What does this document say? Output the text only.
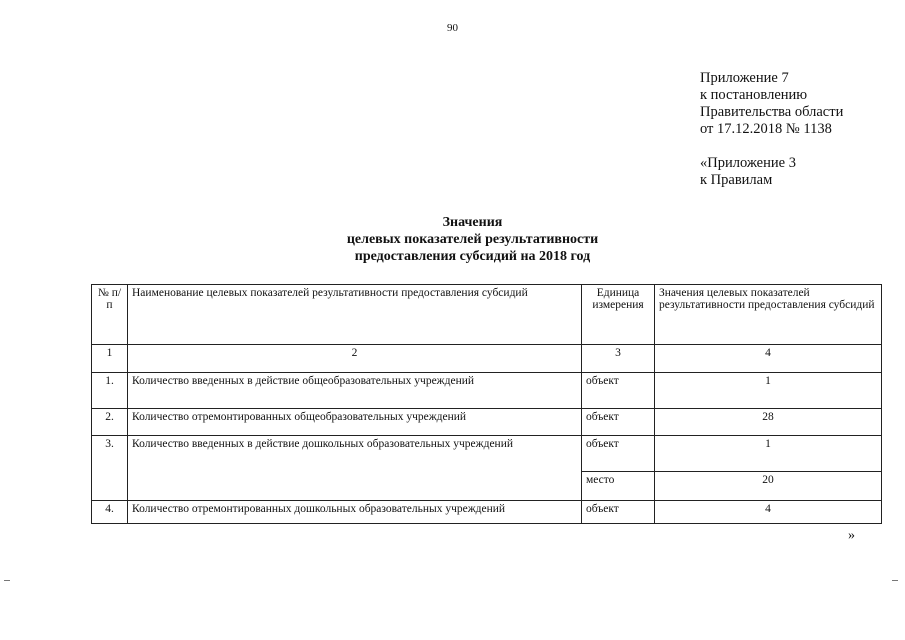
90
Приложение 7
к постановлению
Правительства области
от 17.12.2018 № 1138
«Приложение 3
к Правилам
Значения
целевых показателей результативности
предоставления субсидий на 2018 год
№ п/п	Наименование целевых показателей результативности предоставления субсидий	Единица измерения	Значения целевых показателей результативности предоставления субсидий
1	2	3	4
1.	Количество введенных в действие общеобразовательных учреждений	объект	1
2.	Количество отремонтированных общеобразовательных учреждений	объект	28
3.	Количество введенных в действие дошкольных образовательных учреждений	объект	1
		место	20
4.	Количество отремонтированных дошкольных образовательных учреждений	объект	4
»
